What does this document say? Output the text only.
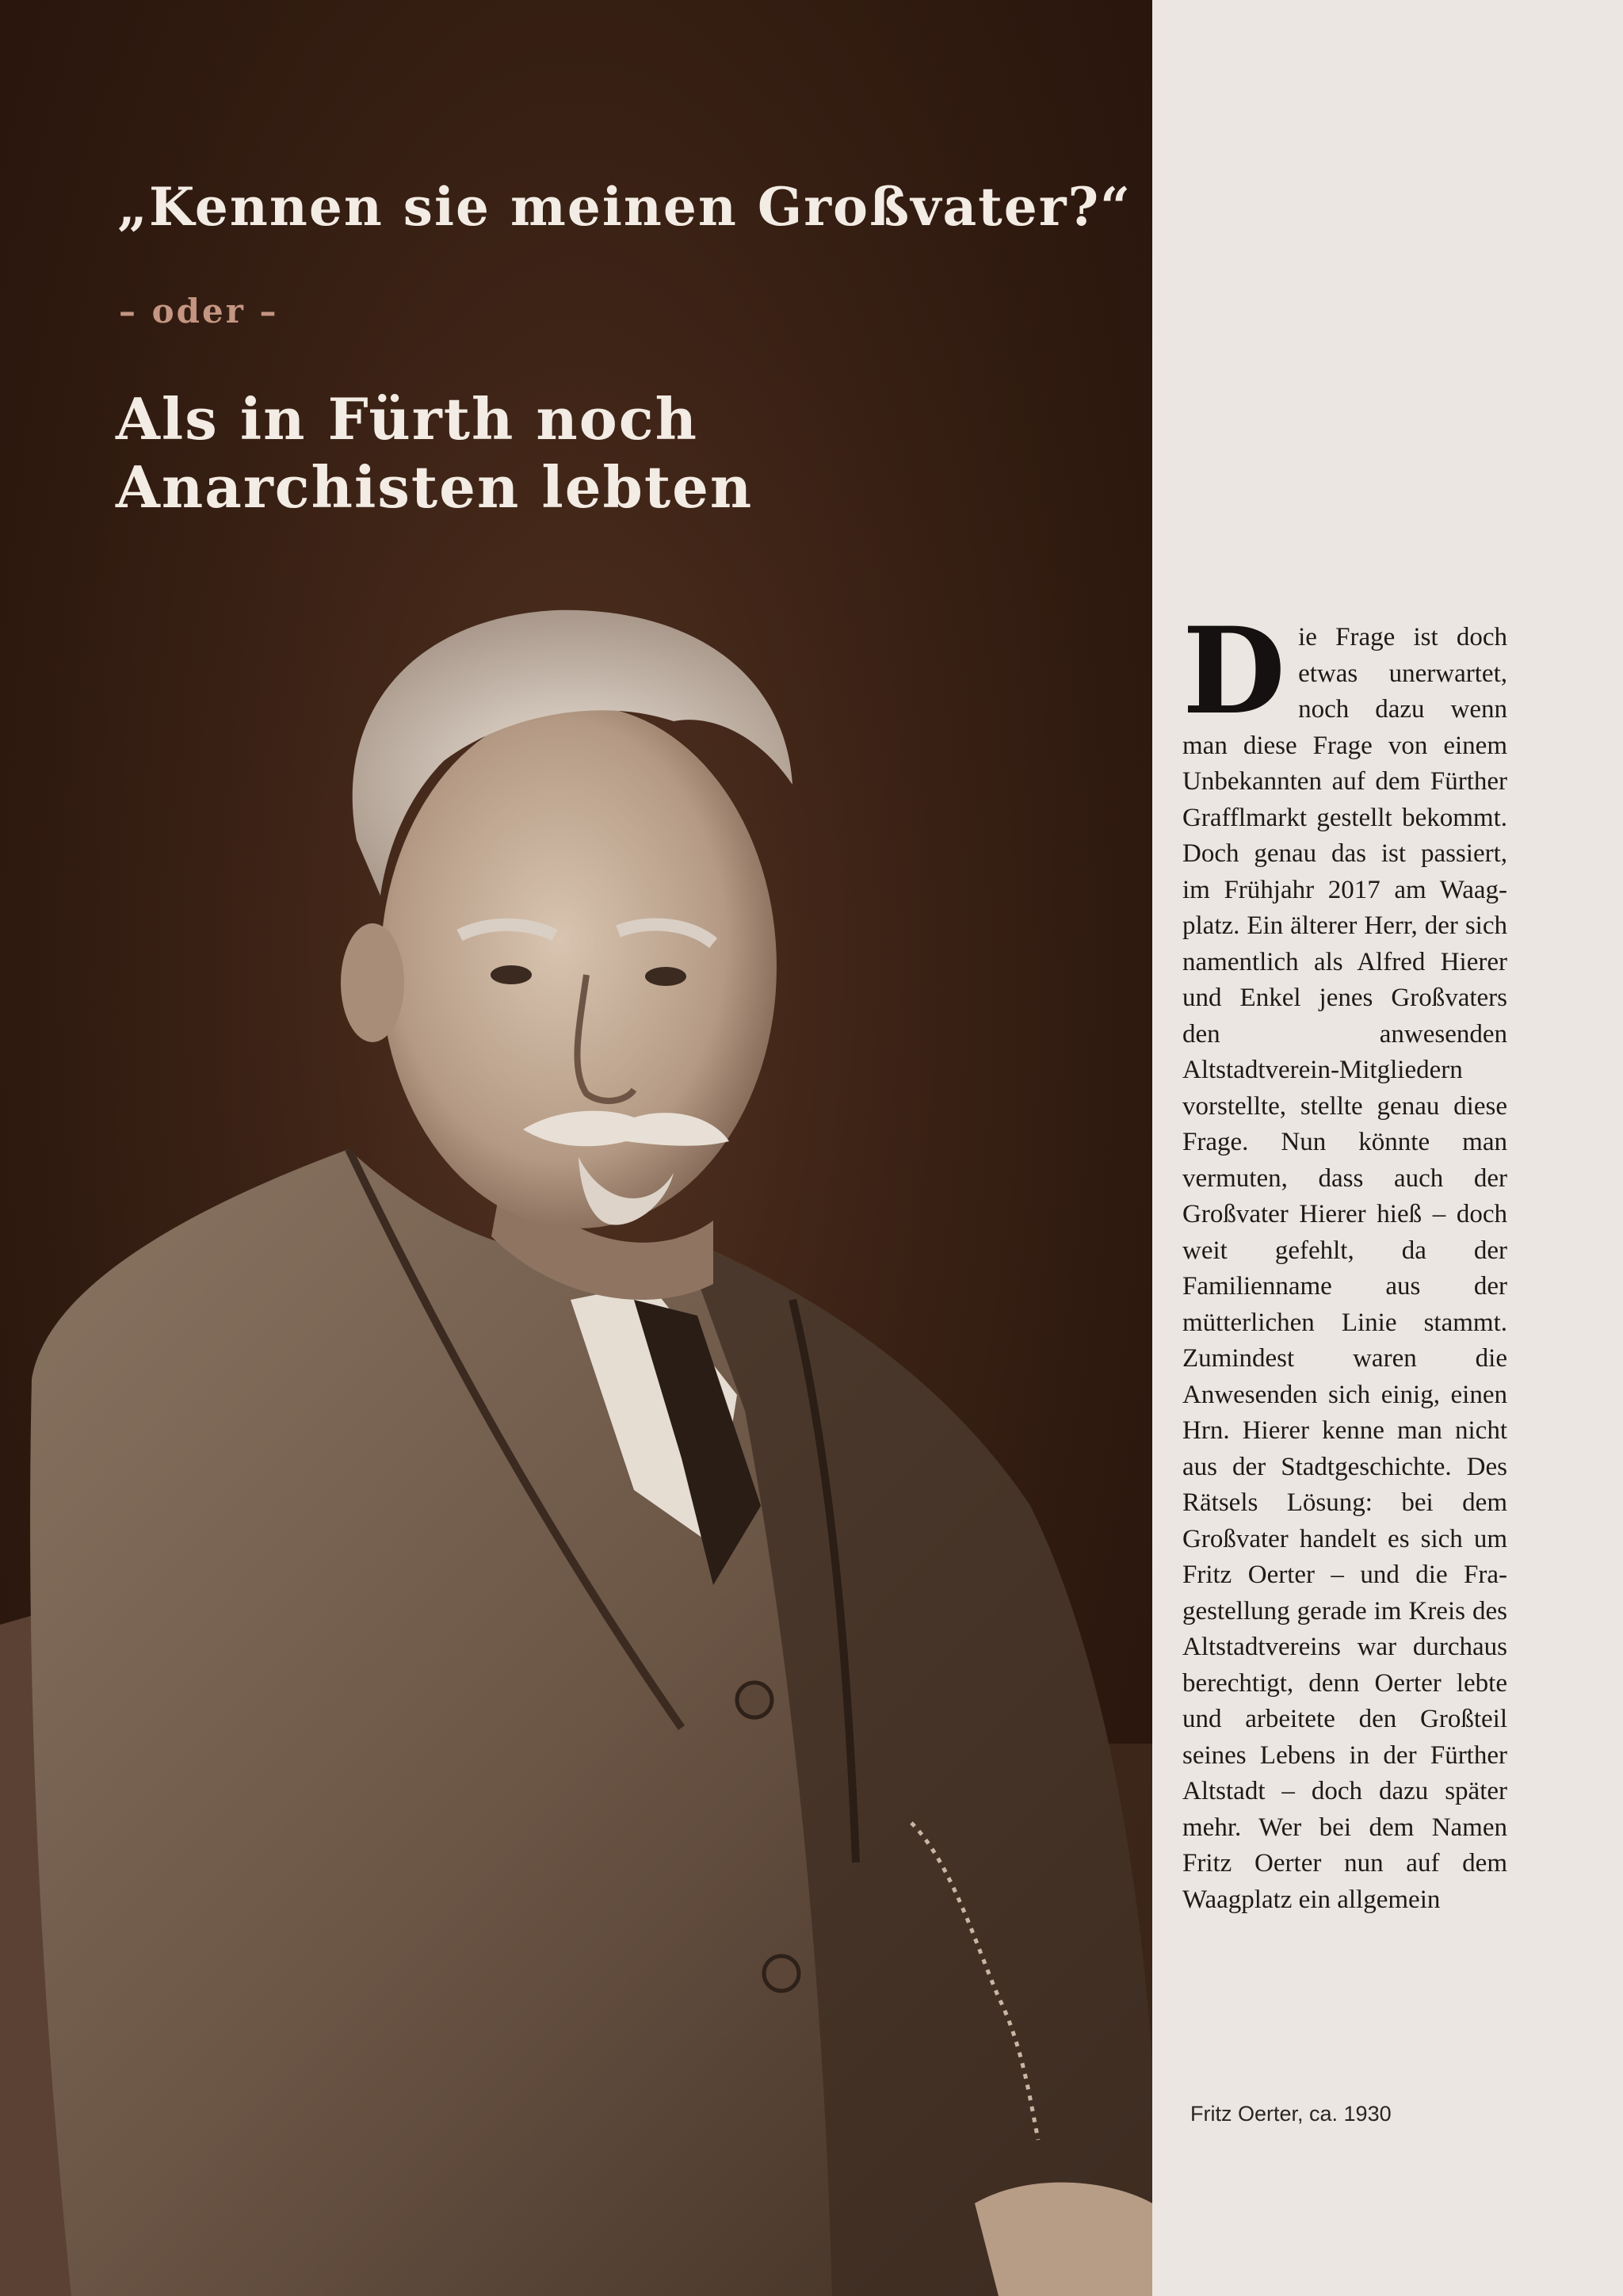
„Kennen sie meinen Großvater?“

– oder –

Als in Fürth noch Anarchisten lebten
Die Frage ist doch etwas unerwartet, noch dazu wenn man diese Frage von einem Unbekannten auf dem Fürther Grafflmarkt gestellt bekommt. Doch genau das ist passiert, im Frühjahr 2017 am Waagplatz. Ein älterer Herr, der sich namentlich als Alfred Hierer und Enkel jenes Großvaters den anwesenden Altstadtverein-Mitgliedern vorstellte, stellte genau diese Frage. Nun könnte man vermuten, dass auch der Großvater Hierer hieß – doch weit gefehlt, da der Familienname aus der mütterlichen Linie stammt. Zumindest waren die Anwesenden sich einig, einen Hrn. Hierer kenne man nicht aus der Stadtgeschichte. Des Rätsels Lösung: bei dem Großvater handelt es sich um Fritz Oerter – und die Fragestellung gerade im Kreis des Altstadtvereins war durchaus berechtigt, denn Oerter lebte und arbeitete den Großteil seines Lebens in der Fürther Altstadt – doch dazu später mehr. Wer bei dem Namen Fritz Oerter nun auf dem Waagplatz ein allgemein
Fritz Oerter, ca. 1930
